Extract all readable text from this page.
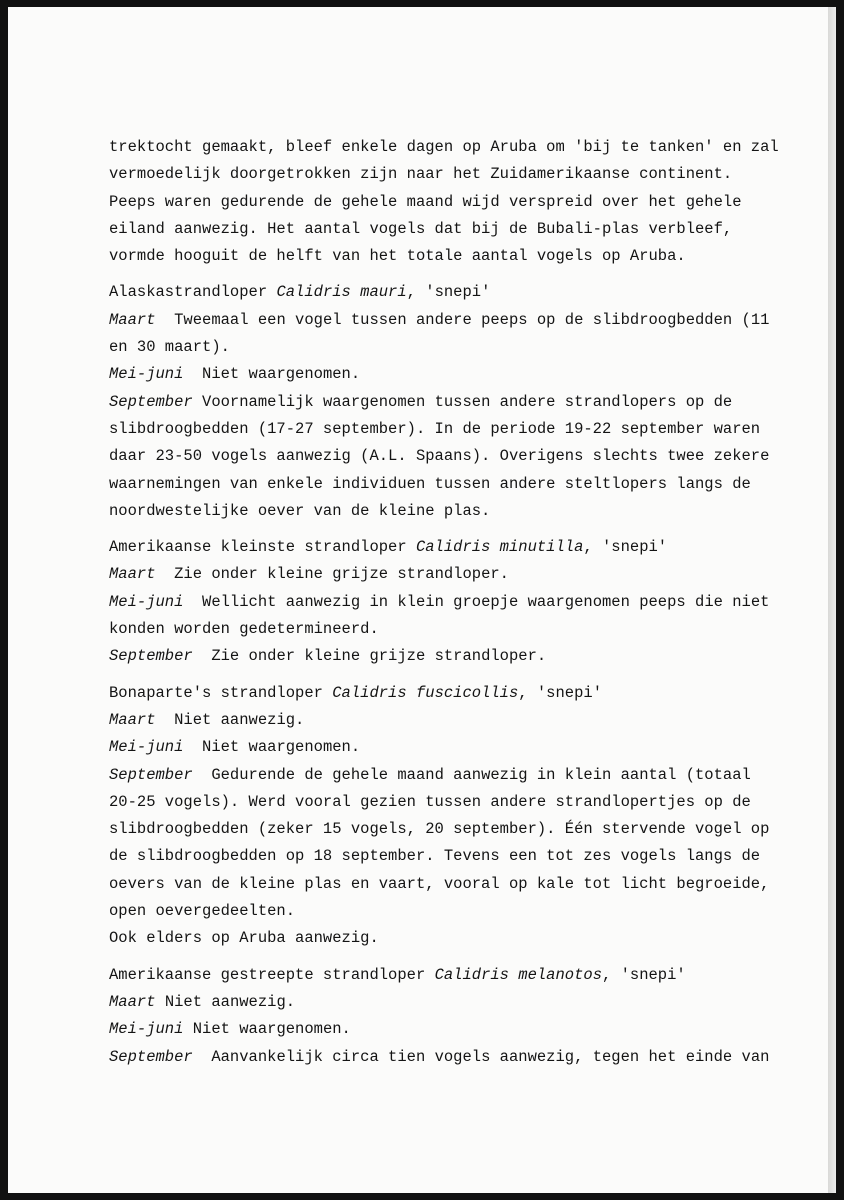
trektocht gemaakt, bleef enkele dagen op Aruba om 'bij te tanken' en zal
vermoedelijk doorgetrokken zijn naar het Zuidamerikaanse continent.
Peeps waren gedurende de gehele maand wijd verspreid over het gehele
eiland aanwezig. Het aantal vogels dat bij de Bubali-plas verbleef,
vormde hooguit de helft van het totale aantal vogels op Aruba.
Alaskastrandloper Calidris mauri, 'snepi'
Maart Tweemaal een vogel tussen andere peeps op de slibdroogbedden (11
en 30 maart).
Mei-juni Niet waargenomen.
September Voornamelijk waargenomen tussen andere strandlopers op de
slibdroogbedden (17-27 september). In de periode 19-22 september waren
daar 23-50 vogels aanwezig (A.L. Spaans). Overigens slechts twee zekere
waarnemingen van enkele individuen tussen andere steltlopers langs de
noordwestelijke oever van de kleine plas.
Amerikaanse kleinste strandloper Calidris minutilla, 'snepi'
Maart Zie onder kleine grijze strandloper.
Mei-juni Wellicht aanwezig in klein groepje waargenomen peeps die niet
konden worden gedetermineerd.
September Zie onder kleine grijze strandloper.
Bonaparte's strandloper Calidris fuscicollis, 'snepi'
Maart Niet aanwezig.
Mei-juni Niet waargenomen.
September Gedurende de gehele maand aanwezig in klein aantal (totaal
20-25 vogels). Werd vooral gezien tussen andere strandlopertjes op de
slibdroogbedden (zeker 15 vogels, 20 september). Één stervende vogel op
de slibdroogbedden op 18 september. Tevens een tot zes vogels langs de
oevers van de kleine plas en vaart, vooral op kale tot licht begroeide,
open oevergedeelten.
Ook elders op Aruba aanwezig.
Amerikaanse gestreepte strandloper Calidris melanotos, 'snepi'
Maart Niet aanwezig.
Mei-juni Niet waargenomen.
September Aanvankelijk circa tien vogels aanwezig, tegen het einde van
